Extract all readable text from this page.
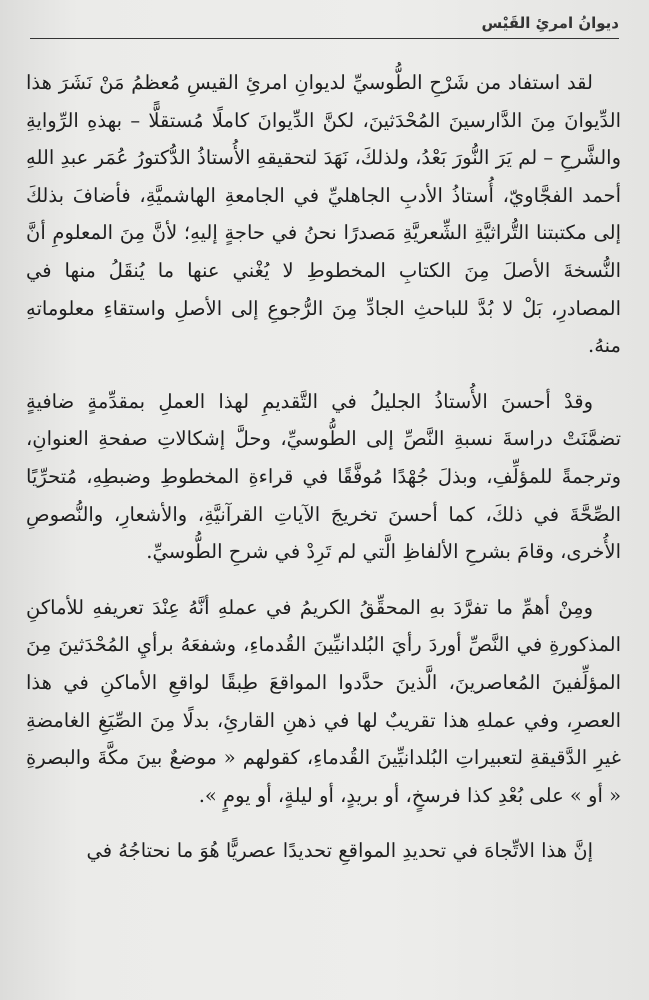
ديوانُ امرئِ القَيْس

لقد استفاد من شَرْحِ الطُّوسيِّ لديوانِ امرئِ القيسِ مُعظمُ مَنْ نَشَرَ هذا الدِّيوانَ مِنَ الدَّارسينَ المُحْدَثينَ، لكنَّ الدِّيوانَ كاملًا مُستقلًّا – بهذهِ الرِّوايةِ والشَّرحِ – لم يَرَ النُّورَ بَعْدُ، ولذلكَ، نَهَدَ لتحقيقهِ الأُستاذُ الدُّكتورُ عُمَر عبدِ اللهِ أحمد الفجَّاويّ، أُستاذُ الأدبِ الجاهليِّ في الجامعةِ الهاشميَّةِ، فأضافَ بذلكَ إلى مكتبتنا التُّراثيَّةِ الشِّعريَّةِ مَصدرًا نحنُ في حاجةٍ إليهِ؛ لأنَّ مِنَ المعلومِ أنَّ النُّسخةَ الأصلَ مِنَ الكتابِ المخطوطِ لا يُغْني عنها ما يُنقَلُ منها في المصادرِ، بَلْ لا بُدَّ للباحثِ الجادِّ مِنَ الرُّجوعِ إلى الأصلِ واستقاءِ معلوماتهِ منهُ.

وقدْ أحسنَ الأُستاذُ الجليلُ في التَّقديمِ لهذا العملِ بمقدِّمةٍ ضافيةٍ تضمَّنَتْ دراسةَ نسبةِ النَّصِّ إلى الطُّوسيِّ، وحلَّ إشكالاتِ صفحةِ العنوانِ، وترجمةً للمؤلِّفِ، وبذلَ جُهْدًا مُوفَّقًا في قراءةِ المخطوطِ وضبطِهِ، مُتحرِّيًا الصِّحَّةَ في ذلكَ، كما أحسنَ تخريجَ الآياتِ القرآنيَّةِ، والأشعارِ، والنُّصوصِ الأُخرى، وقامَ بشرحِ الألفاظِ الَّتي لم تَرِدْ في شرحِ الطُّوسيِّ.

ومِنْ أهمِّ ما تفرَّدَ بهِ المحقِّقُ الكريمُ في عملهِ أنَّهُ عِنْدَ تعريفهِ للأماكنِ المذكورةِ في النَّصِّ أوردَ رأيَ البُلدانيِّينَ القُدماءِ، وشفعَهُ برأيِ المُحْدَثينَ مِنَ المؤلِّفينَ المُعاصرينَ، الَّذينَ حدَّدوا المواقعَ طِبقًا لواقعِ الأماكنِ في هذا العصرِ، وفي عملهِ هذا تقريبٌ لها في ذهنِ القارئِ، بدلًا مِنَ الصِّيَغِ الغامضةِ غيرِ الدَّقيقةِ لتعبيراتِ البُلدانيِّينَ القُدماءِ، كقولهم « موضعٌ بينَ مكَّةَ والبصرةِ « أو » على بُعْدِ كذا فرسخٍ، أو بريدٍ، أو ليلةٍ، أو يومٍ ».

إنَّ هذا الاتِّجاهَ في تحديدِ المواقعِ تحديدًا عصريًّا هُوَ ما نحتاجُهُ في
